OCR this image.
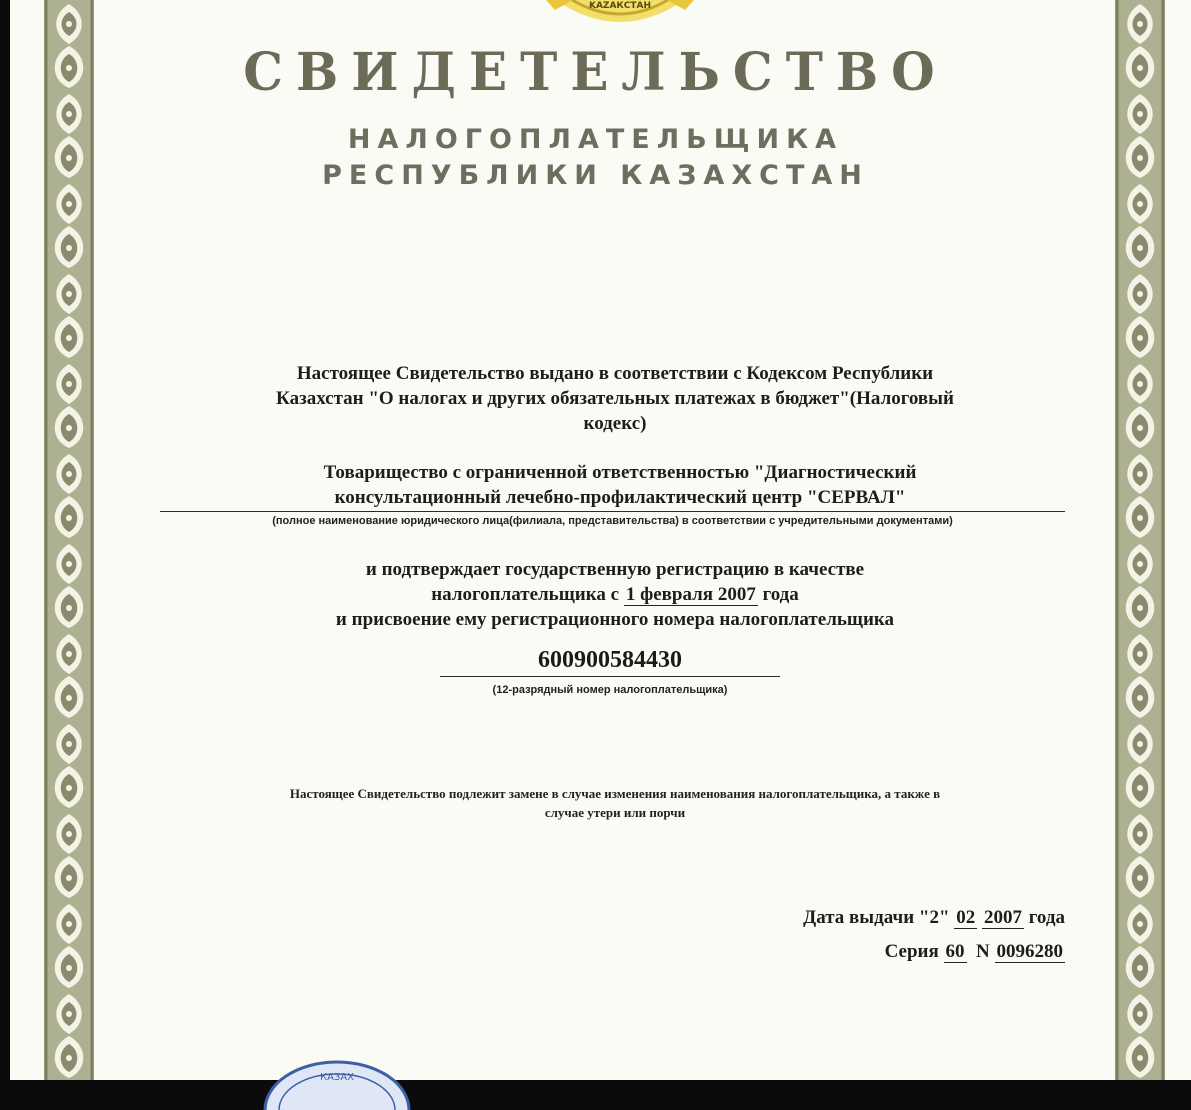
KAZAКСТАН
СВИДЕТЕЛЬСТВО
НАЛОГОПЛАТЕЛЬЩИКА
РЕСПУБЛИКИ КАЗАХСТАН
Настоящее Свидетельство выдано в соответствии с Кодексом Республики
Казахстан "О налогах и других обязательных платежах в бюджет"(Налоговый
кодекс)
Товарищество с ограниченной ответственностью "Диагностический
консультационный лечебно-профилактический центр "СЕРВАЛ"
(полное наименование юридического лица(филиала, представительства) в соответствии с учредительными документами)
и подтверждает государственную регистрацию в качестве
налогоплательщика с 1 февраля 2007 года
и присвоение ему регистрационного номера налогоплательщика
600900584430
(12-разрядный номер налогоплательщика)
Настоящее Свидетельство подлежит замене в случае изменения наименования налогоплательщика, а также в
случае утери или порчи
Дата выдачи "2" 02 2007 года
Серия 60 N 0096280
КАЗАХ
